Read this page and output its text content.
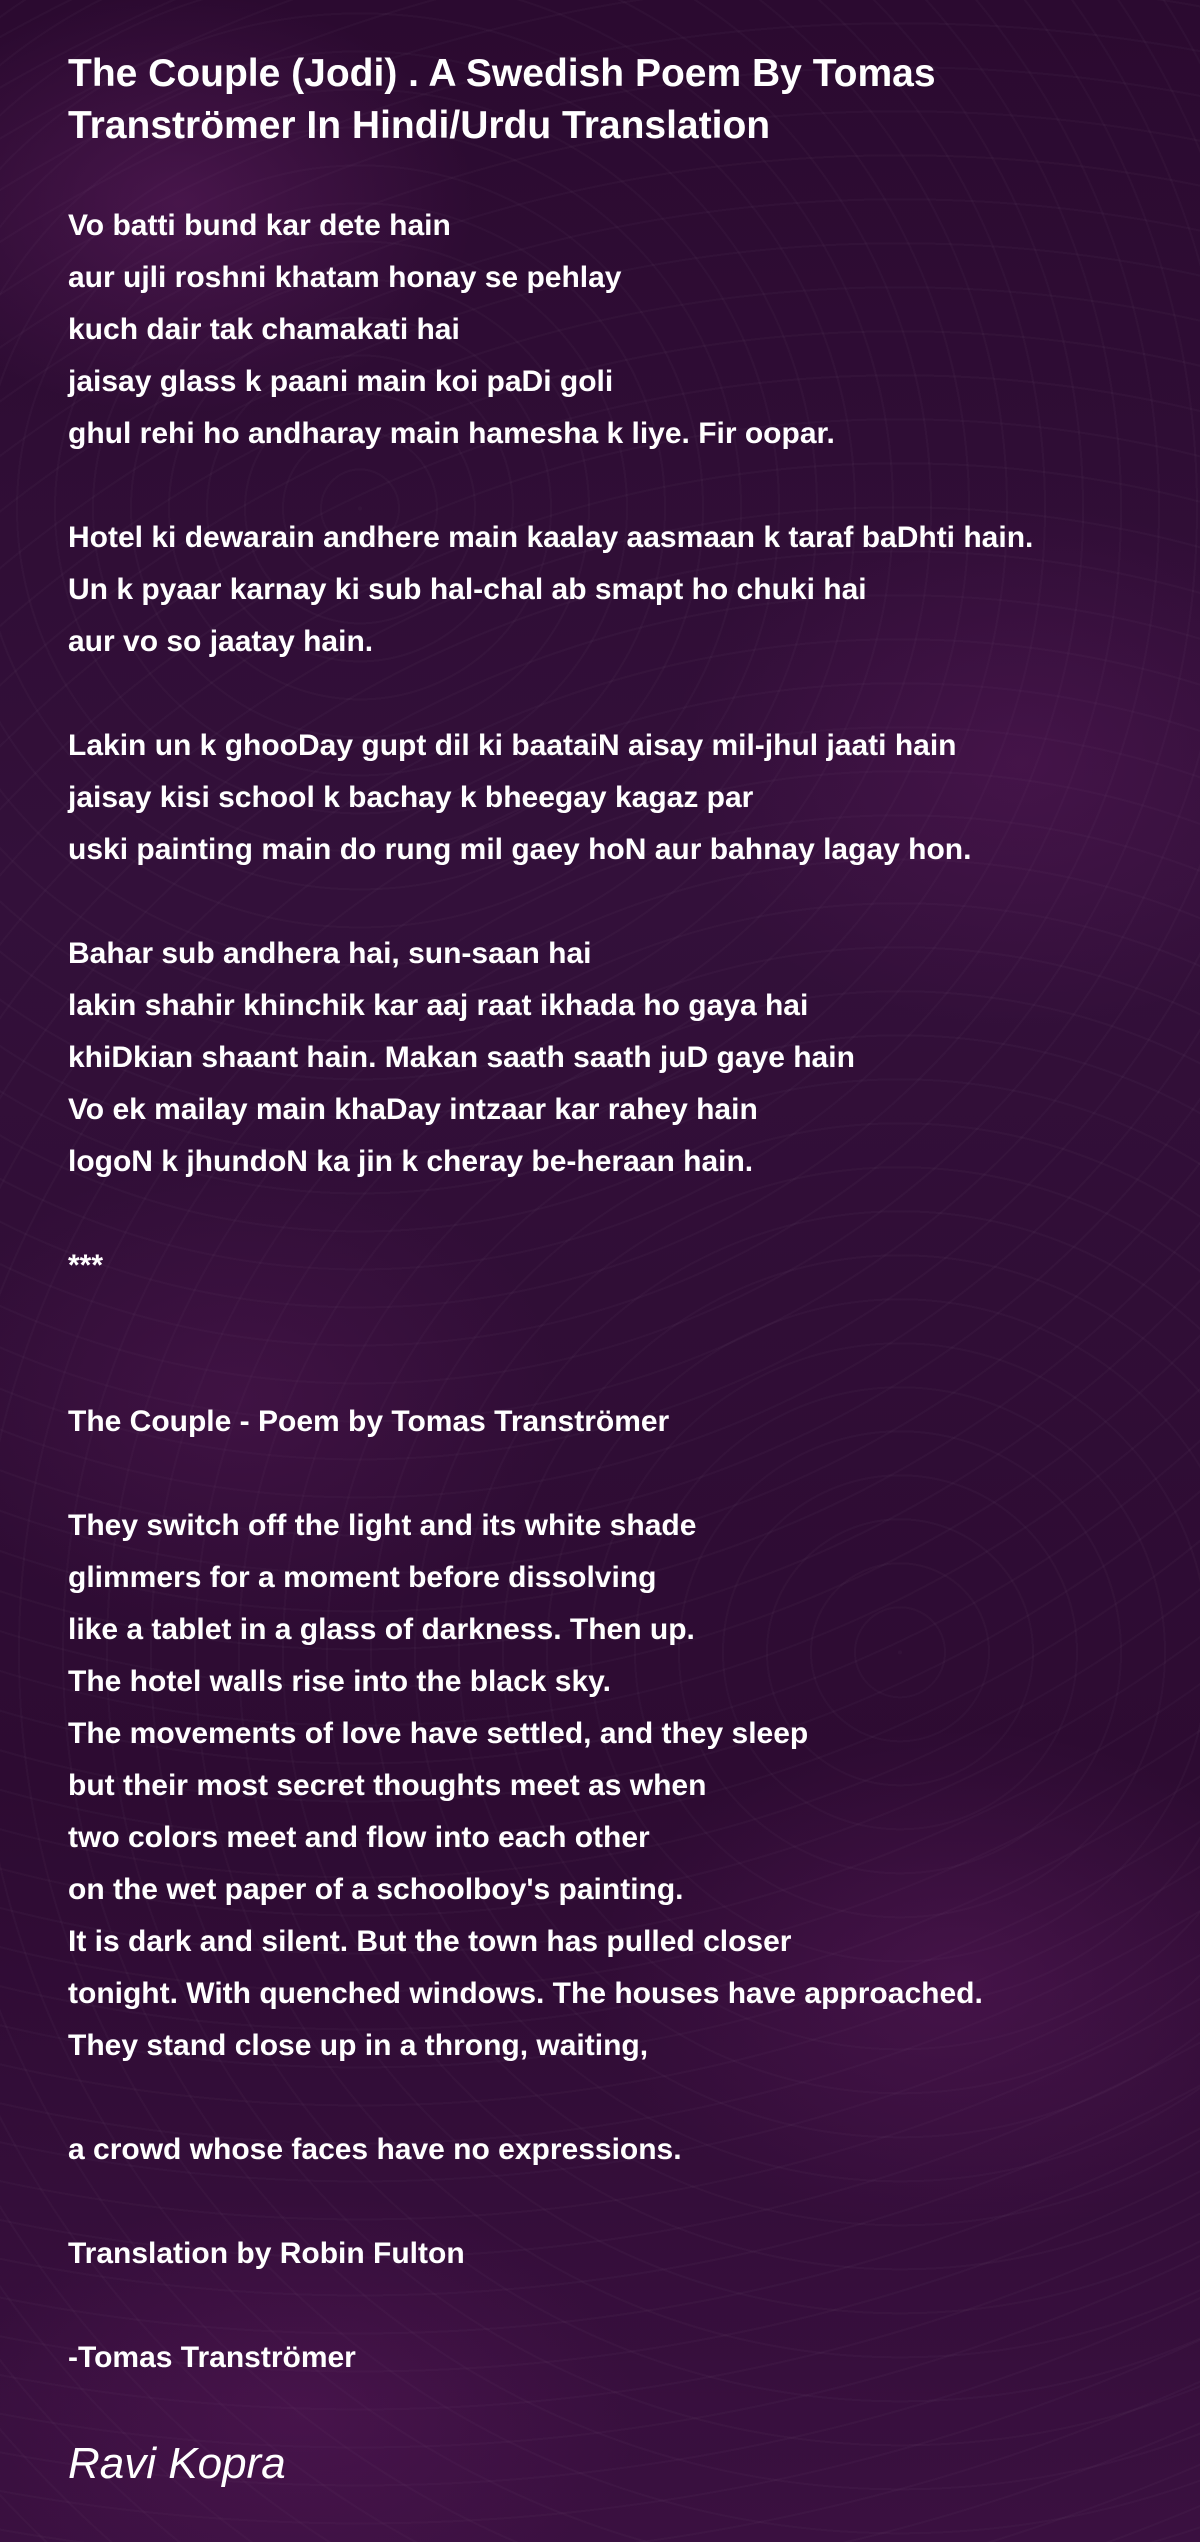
The Couple (Jodi) . A Swedish Poem By Tomas Tranströmer In Hindi/Urdu Translation
Vo batti bund kar dete hain
aur ujli roshni khatam honay se pehlay
kuch dair tak chamakati hai
jaisay glass k paani main koi paDi goli
ghul rehi ho andharay main hamesha k liye. Fir oopar.
Hotel ki dewarain andhere main kaalay aasmaan k taraf baDhti hain.
Un k pyaar karnay ki sub hal-chal ab smapt ho chuki hai
aur vo so jaatay hain.
Lakin un k ghooDay gupt dil ki baataiN aisay mil-jhul jaati hain
jaisay kisi school k bachay k bheegay kagaz par
uski painting main do rung mil gaey hoN aur bahnay lagay hon.
Bahar sub andhera hai, sun-saan hai
lakin shahir khinchik kar aaj raat ikhada ho gaya hai
khiDkian shaant hain. Makan saath saath juD gaye hain
Vo ek mailay main khaDay intzaar kar rahey hain
logoN k jhundoN ka jin k cheray be-heraan hain.
***
The Couple - Poem by Tomas Tranströmer
They switch off the light and its white shade
glimmers for a moment before dissolving
like a tablet in a glass of darkness. Then up.
The hotel walls rise into the black sky.
The movements of love have settled, and they sleep
but their most secret thoughts meet as when
two colors meet and flow into each other
on the wet paper of a schoolboy's painting.
It is dark and silent. But the town has pulled closer
tonight. With quenched windows. The houses have approached.
They stand close up in a throng, waiting,
a crowd whose faces have no expressions.
Translation by Robin Fulton
-Tomas Tranströmer
Ravi Kopra
